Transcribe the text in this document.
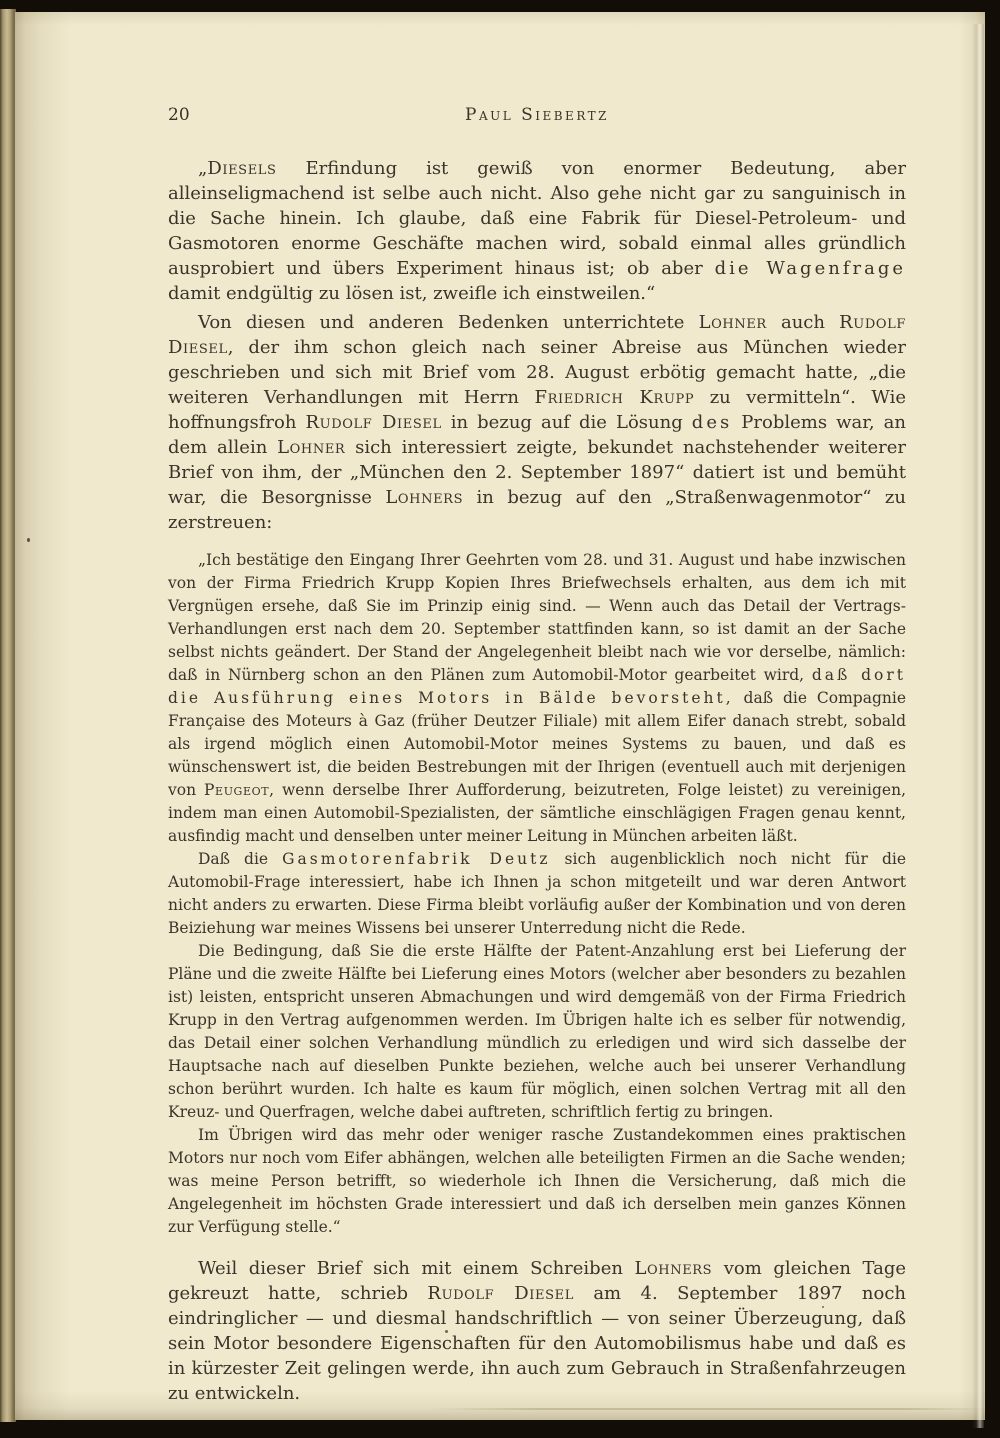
20	Paul Siebertz

„Diesels Erfindung ist gewiß von enormer Bedeutung, aber alleinseligmachend ist selbe auch nicht. Also gehe nicht gar zu sanguinisch in die Sache hinein. Ich glaube, daß eine Fabrik für Diesel-Petroleum- und Gasmotoren enorme Geschäfte machen wird, sobald einmal alles gründlich ausprobiert und übers Experiment hinaus ist; ob aber die Wagenfrage damit endgültig zu lösen ist, zweifle ich einstweilen.“

Von diesen und anderen Bedenken unterrichtete Lohner auch Rudolf Diesel, der ihm schon gleich nach seiner Abreise aus München wieder geschrieben und sich mit Brief vom 28. August erbötig gemacht hatte, „die weiteren Verhandlungen mit Herrn Friedrich Krupp zu vermitteln“. Wie hoffnungsfroh Rudolf Diesel in bezug auf die Lösung des Problems war, an dem allein Lohner sich interessiert zeigte, bekundet nachstehender weiterer Brief von ihm, der „München den 2. September 1897“ datiert ist und bemüht war, die Besorgnisse Lohners in bezug auf den „Straßenwagenmotor“ zu zerstreuen:

„Ich bestätige den Eingang Ihrer Geehrten vom 28. und 31. August und habe inzwischen von der Firma Friedrich Krupp Kopien Ihres Briefwechsels erhalten, aus dem ich mit Vergnügen ersehe, daß Sie im Prinzip einig sind. — Wenn auch das Detail der Vertrags-Verhandlungen erst nach dem 20. September stattfinden kann, so ist damit an der Sache selbst nichts geändert. Der Stand der Angelegenheit bleibt nach wie vor derselbe, nämlich: daß in Nürnberg schon an den Plänen zum Automobil-Motor gearbeitet wird, daß dort die Ausführung eines Motors in Bälde bevorsteht, daß die Compagnie Française des Moteurs à Gaz (früher Deutzer Filiale) mit allem Eifer danach strebt, sobald als irgend möglich einen Automobil-Motor meines Systems zu bauen, und daß es wünschenswert ist, die beiden Bestrebungen mit der Ihrigen (eventuell auch mit derjenigen von Peugeot, wenn derselbe Ihrer Aufforderung, beizutreten, Folge leistet) zu vereinigen, indem man einen Automobil-Spezialisten, der sämtliche einschlägigen Fragen genau kennt, ausfindig macht und denselben unter meiner Leitung in München arbeiten läßt.

Daß die Gasmotorenfabrik Deutz sich augenblicklich noch nicht für die Automobil-Frage interessiert, habe ich Ihnen ja schon mitgeteilt und war deren Antwort nicht anders zu erwarten. Diese Firma bleibt vorläufig außer der Kombination und von deren Beiziehung war meines Wissens bei unserer Unterredung nicht die Rede.

Die Bedingung, daß Sie die erste Hälfte der Patent-Anzahlung erst bei Lieferung der Pläne und die zweite Hälfte bei Lieferung eines Motors (welcher aber besonders zu bezahlen ist) leisten, entspricht unseren Abmachungen und wird demgemäß von der Firma Friedrich Krupp in den Vertrag aufgenommen werden. Im Übrigen halte ich es selber für notwendig, das Detail einer solchen Verhandlung mündlich zu erledigen und wird sich dasselbe der Hauptsache nach auf dieselben Punkte beziehen, welche auch bei unserer Verhandlung schon berührt wurden. Ich halte es kaum für möglich, einen solchen Vertrag mit all den Kreuz- und Querfragen, welche dabei auftreten, schriftlich fertig zu bringen.

Im Übrigen wird das mehr oder weniger rasche Zustandekommen eines praktischen Motors nur noch vom Eifer abhängen, welchen alle beteiligten Firmen an die Sache wenden; was meine Person betrifft, so wiederhole ich Ihnen die Versicherung, daß mich die Angelegenheit im höchsten Grade interessiert und daß ich derselben mein ganzes Können zur Verfügung stelle.“

Weil dieser Brief sich mit einem Schreiben Lohners vom gleichen Tage gekreuzt hatte, schrieb Rudolf Diesel am 4. September 1897 noch eindringlicher — und diesmal handschriftlich — von seiner Überzeugung, daß sein Motor besondere Eigenschaften für den Automobilismus habe und daß es in kürzester Zeit gelingen werde, ihn auch zum Gebrauch in Straßenfahrzeugen zu entwickeln.
